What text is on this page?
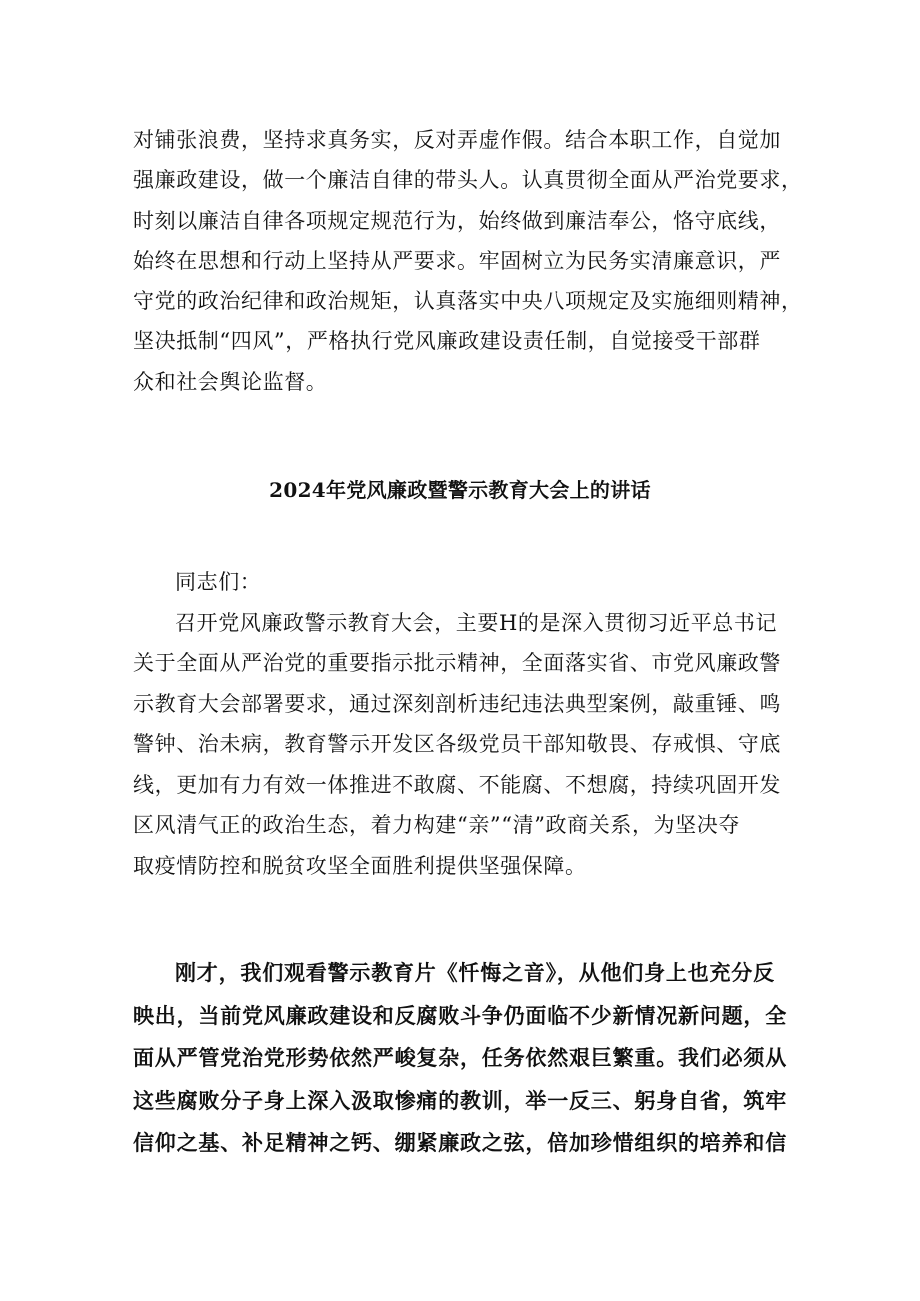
对铺张浪费，坚持求真务实，反对弄虚作假。结合本职工作，自觉加
强廉政建设，做一个廉洁自律的带头人。认真贯彻全面从严治党要求，
时刻以廉洁自律各项规定规范行为，始终做到廉洁奉公，恪守底线，
始终在思想和行动上坚持从严要求。牢固树立为民务实清廉意识，严
守党的政治纪律和政治规矩，认真落实中央八项规定及实施细则精神，
坚决抵制“四风”，严格执行党风廉政建设责任制，自觉接受干部群
众和社会舆论监督。
2024年党风廉政暨警示教育大会上的讲话
同志们：
召开党风廉政警示教育大会，主要H的是深入贯彻习近平总书记
关于全面从严治党的重要指示批示精神，全面落实省、市党风廉政警
示教育大会部署要求，通过深刻剖析违纪违法典型案例，敲重锤、鸣
警钟、治未病，教育警示开发区各级党员干部知敬畏、存戒惧、守底
线，更加有力有效一体推进不敢腐、不能腐、不想腐，持续巩固开发
区风清气正的政治生态，着力构建“亲”“清”政商关系，为坚决夺
取疫情防控和脱贫攻坚全面胜利提供坚强保障。
刚才，我们观看警示教育片《忏悔之音》，从他们身上也充分反
映出，当前党风廉政建设和反腐败斗争仍面临不少新情况新问题，全
面从严管党治党形势依然严峻复杂，任务依然艰巨繁重。我们必须从
这些腐败分子身上深入汲取惨痛的教训，举一反三、躬身自省，筑牢
信仰之基、补足精神之钙、绷紧廉政之弦，倍加珍惜组织的培养和信
